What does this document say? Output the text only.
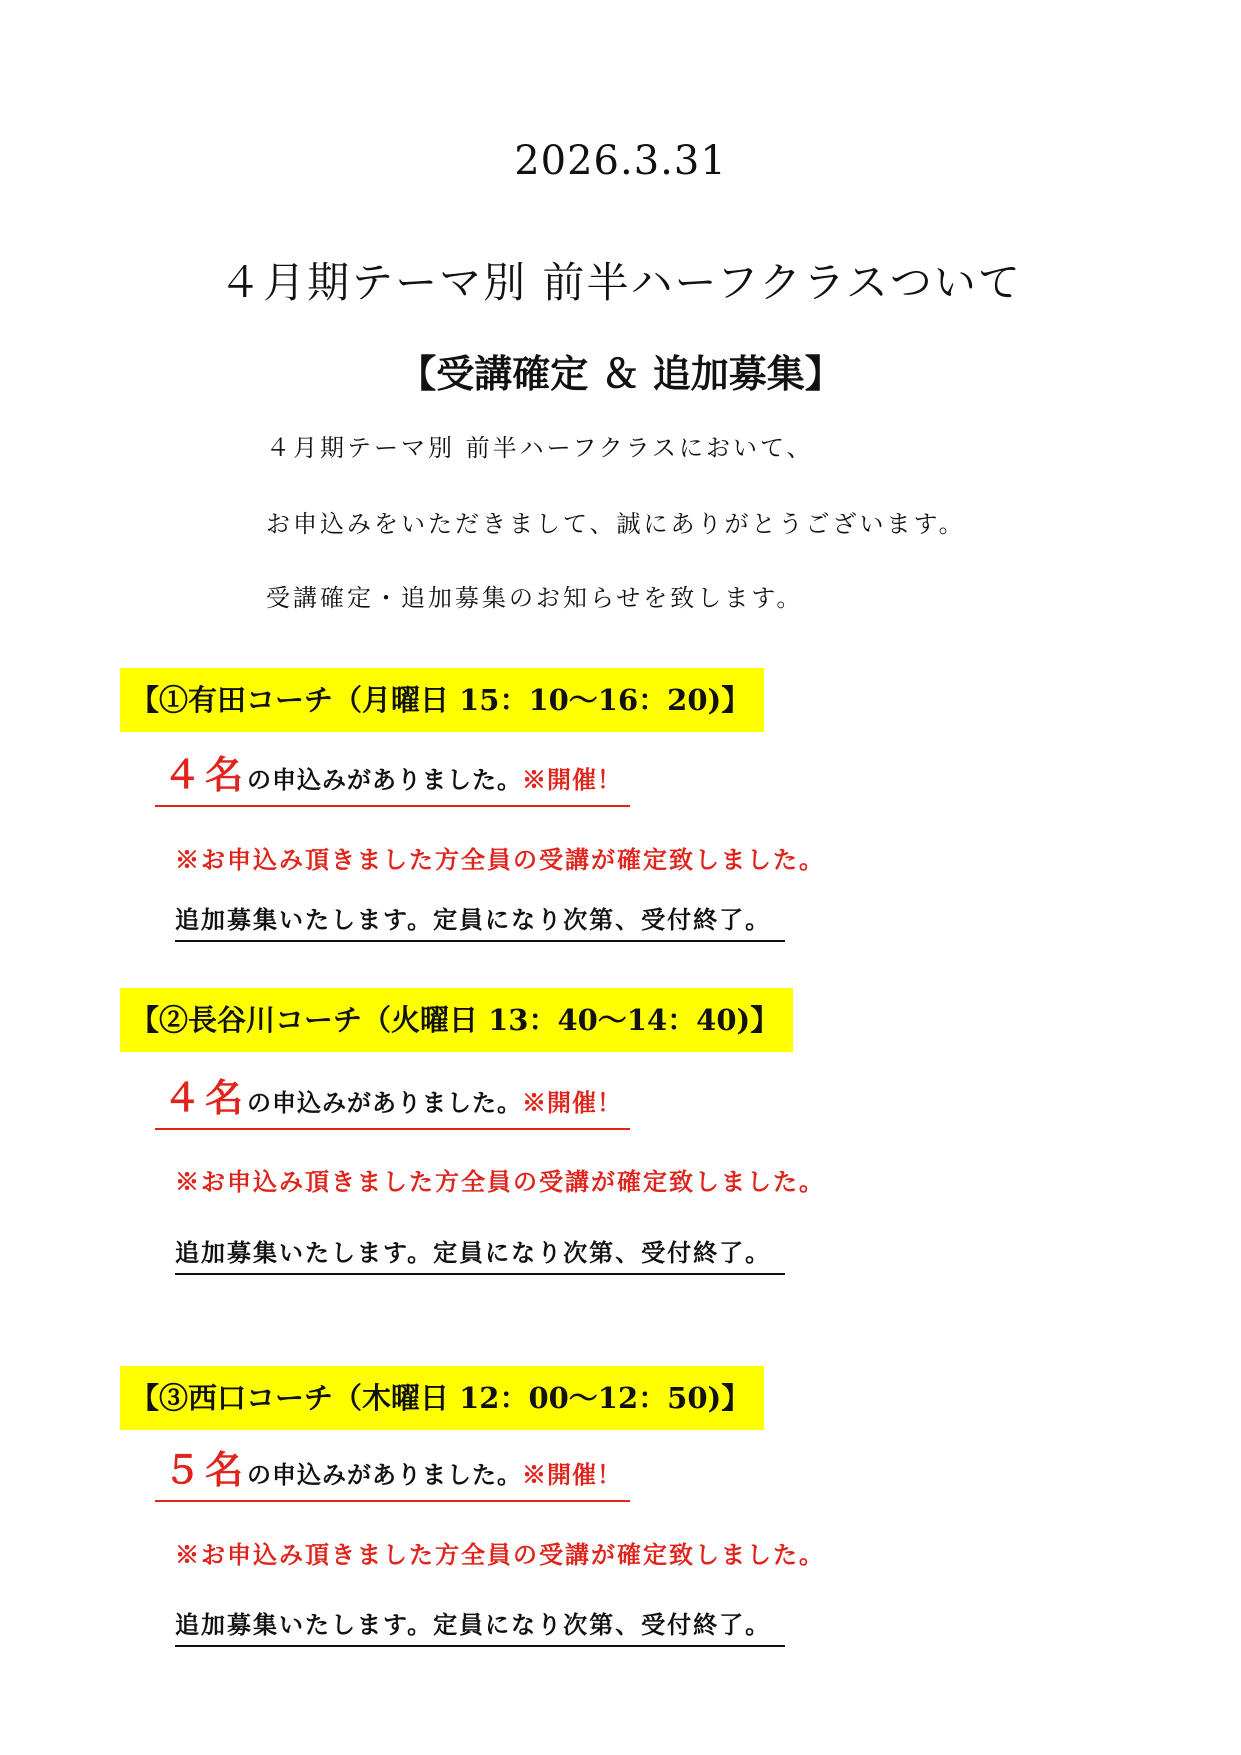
2026.3.31
４月期テーマ別 前半ハーフクラスついて
【受講確定 ＆ 追加募集】
４月期テーマ別 前半ハーフクラスにおいて、
お申込みをいただきまして、誠にありがとうございます。
受講確定・追加募集のお知らせを致します。
【①有田コーチ（月曜日 15：10〜16：20)】
４名の申込みがありました。※開催！
※お申込み頂きました方全員の受講が確定致しました。
追加募集いたします。定員になり次第、受付終了。
【②長谷川コーチ（火曜日 13：40〜14：40)】
４名の申込みがありました。※開催！
※お申込み頂きました方全員の受講が確定致しました。
追加募集いたします。定員になり次第、受付終了。
【③西口コーチ（木曜日 12：00〜12：50)】
５名の申込みがありました。※開催！
※お申込み頂きました方全員の受講が確定致しました。
追加募集いたします。定員になり次第、受付終了。
